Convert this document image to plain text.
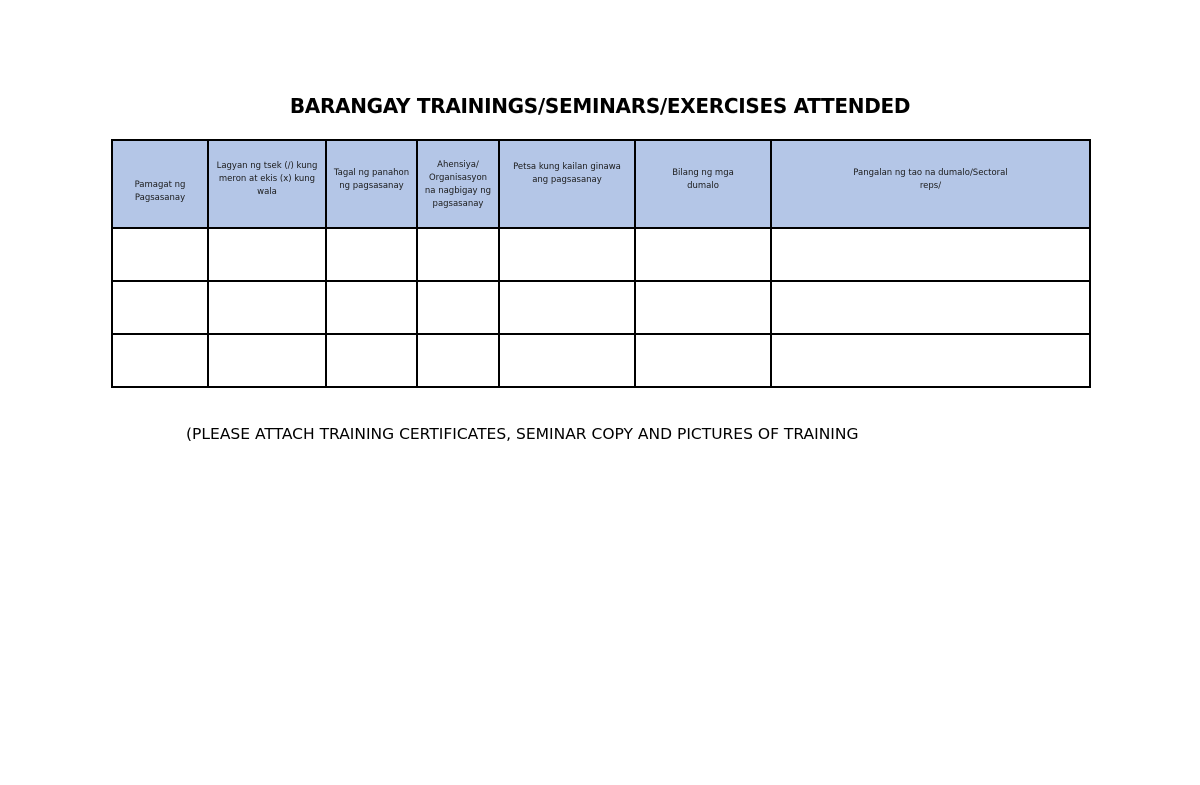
BARANGAY TRAININGS/SEMINARS/EXERCISES ATTENDED
Pamagat ng Pagsasanay	Lagyan ng tsek (/) kung meron at ekis (x) kung wala	Tagal ng panahon ng pagsasanay	Ahensiya/ Organisasyon na nagbigay ng pagsasanay	Petsa kung kailan ginawa ang pagsasanay	Bilang ng mga dumalo	Pangalan ng tao na dumalo/Sectoral reps/

(PLEASE ATTACH TRAINING CERTIFICATES, SEMINAR COPY AND PICTURES OF TRAINING
